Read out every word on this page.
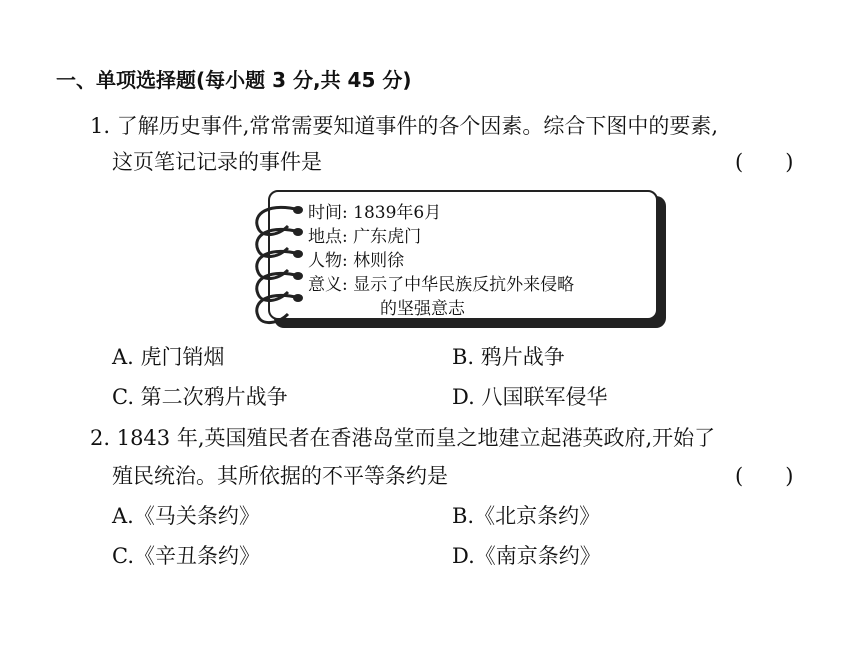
一、单项选择题(每小题 3 分,共 45 分)
1. 了解历史事件,常常需要知道事件的各个因素。综合下图中的要素,
这页笔记记录的事件是	(　　)
时间: 1839年6月
地点: 广东虎门
人物: 林则徐
意义: 显示了中华民族反抗外来侵略
的坚强意志
A. 虎门销烟	B. 鸦片战争
C. 第二次鸦片战争	D. 八国联军侵华
2. 1843 年,英国殖民者在香港岛堂而皇之地建立起港英政府,开始了
殖民统治。其所依据的不平等条约是	(　　)
A.《马关条约》	B.《北京条约》
C.《辛丑条约》	D.《南京条约》
